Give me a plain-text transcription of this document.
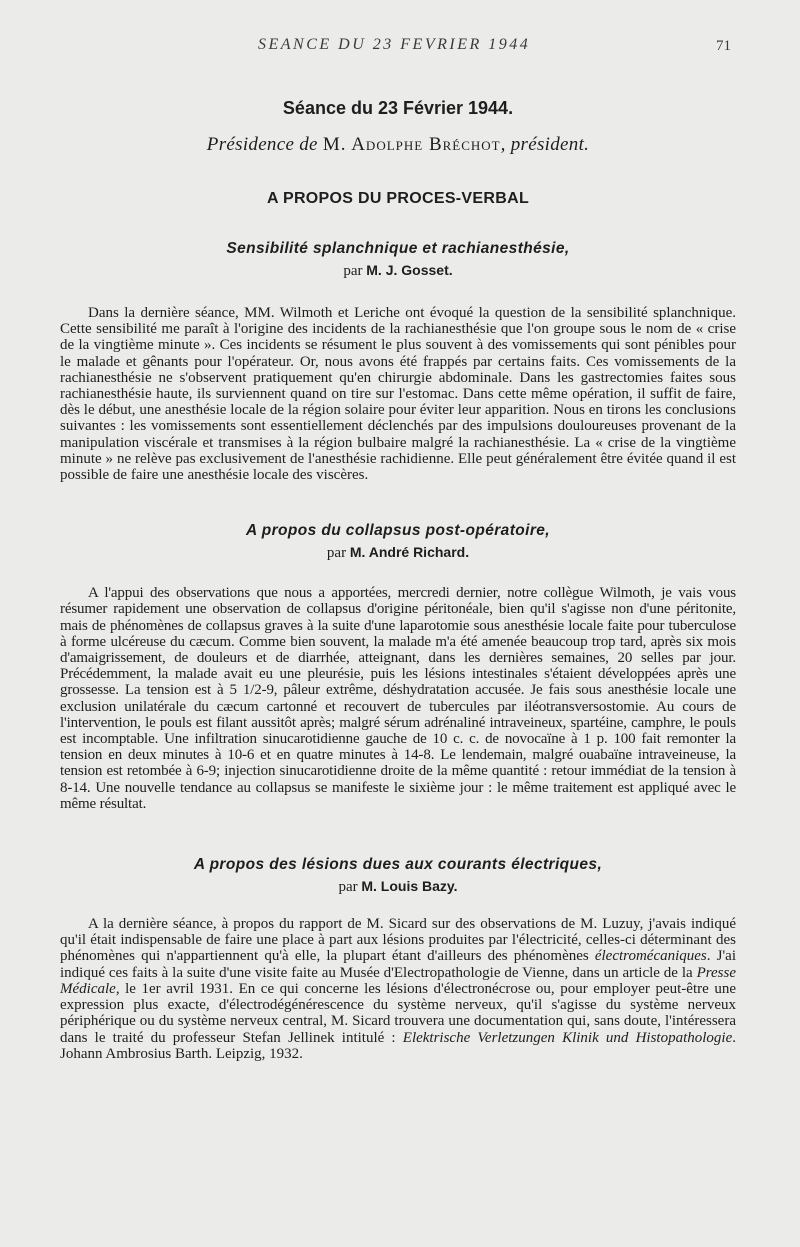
SEANCE DU 23 FEVRIER 1944	71
Séance du 23 Février 1944.

Présidence de M. Adolphe Bréchot, président.

A PROPOS DU PROCES-VERBAL
Sensibilité splanchnique et rachianesthésie,

par M. J. Gosset.

Dans la dernière séance, MM. Wilmoth et Leriche ont évoqué la question de la sensibilité splanchnique. Cette sensibilité me paraît à l'origine des incidents de la rachianesthésie que l'on groupe sous le nom de « crise de la vingtième minute ». Ces incidents se résument le plus souvent à des vomissements qui sont pénibles pour le malade et gênants pour l'opérateur. Or, nous avons été frappés par certains faits. Ces vomissements de la rachianesthésie ne s'observent pratiquement qu'en chirurgie abdominale. Dans les gastrectomies faites sous rachianesthésie haute, ils surviennent quand on tire sur l'estomac. Dans cette même opération, il suffit de faire, dès le début, une anesthésie locale de la région solaire pour éviter leur apparition. Nous en tirons les conclusions suivantes : les vomissements sont essentiellement déclenchés par des impulsions douloureuses provenant de la manipulation viscérale et transmises à la région bulbaire malgré la rachianesthésie. La « crise de la vingtième minute » ne relève pas exclusivement de l'anesthésie rachidienne. Elle peut généralement être évitée quand il est possible de faire une anesthésie locale des viscères.

A propos du collapsus post-opératoire,

par M. André Richard.

A l'appui des observations que nous a apportées, mercredi dernier, notre collègue Wilmoth, je vais vous résumer rapidement une observation de collapsus d'origine péritonéale, bien qu'il s'agisse non d'une péritonite, mais de phénomènes de collapsus graves à la suite d'une laparotomie sous anesthésie locale faite pour tuberculose à forme ulcéreuse du cæcum. Comme bien souvent, la malade m'a été amenée beaucoup trop tard, après six mois d'amaigrissement, de douleurs et de diarrhée, atteignant, dans les dernières semaines, 20 selles par jour. Précédemment, la malade avait eu une pleurésie, puis les lésions intestinales s'étaient développées après une grossesse. La tension est à 5 1/2-9, pâleur extrême, déshydratation accusée. Je fais sous anesthésie locale une exclusion unilatérale du cæcum cartonné et recouvert de tubercules par iléotransversostomie. Au cours de l'intervention, le pouls est filant aussitôt après; malgré sérum adrénaliné intraveineux, spartéine, camphre, le pouls est incomptable. Une infiltration sinucarotidienne gauche de 10 c. c. de novocaïne à 1 p. 100 fait remonter la tension en deux minutes à 10-6 et en quatre minutes à 14-8. Le lendemain, malgré ouabaïne intraveineuse, la tension est retombée à 6-9; injection sinucarotidienne droite de la même quantité : retour immédiat de la tension à 8-14. Une nouvelle tendance au collapsus se manifeste le sixième jour : le même traitement est appliqué avec le même résultat.

A propos des lésions dues aux courants électriques,

par M. Louis Bazy.

A la dernière séance, à propos du rapport de M. Sicard sur des observations de M. Luzuy, j'avais indiqué qu'il était indispensable de faire une place à part aux lésions produites par l'électricité, celles-ci déterminant des phénomènes qui n'appartiennent qu'à elle, la plupart étant d'ailleurs des phénomènes électromécaniques. J'ai indiqué ces faits à la suite d'une visite faite au Musée d'Electropathologie de Vienne, dans un article de la Presse Médicale, le 1er avril 1931. En ce qui concerne les lésions d'électronécrose ou, pour employer peut-être une expression plus exacte, d'électrodégénérescence du système nerveux, qu'il s'agisse du système nerveux périphérique ou du système nerveux central, M. Sicard trouvera une documentation qui, sans doute, l'intéressera dans le traité du professeur Stefan Jellinek intitulé : Elektrische Verletzungen Klinik und Histopathologie. Johann Ambrosius Barth. Leipzig, 1932.
